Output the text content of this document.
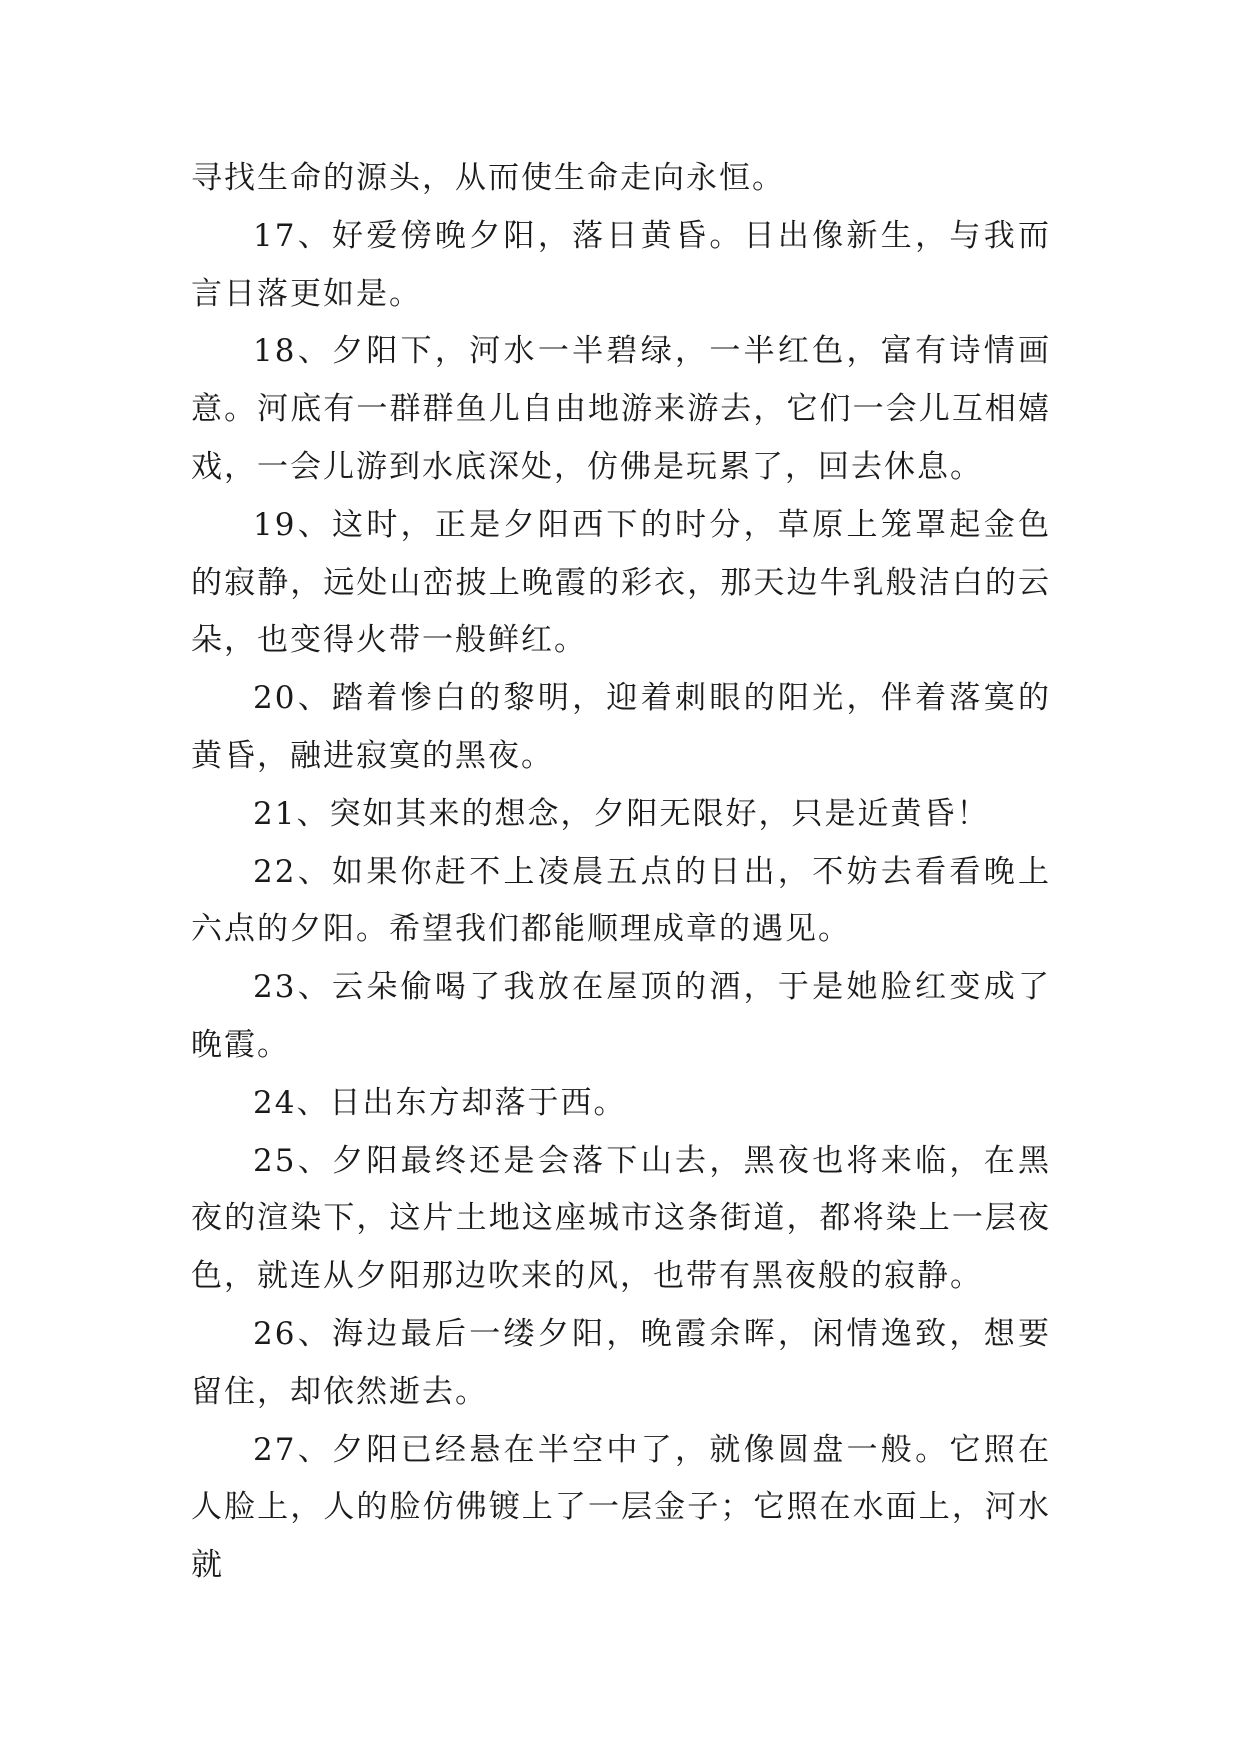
寻找生命的源头，从而使生命走向永恒。

17、好爱傍晚夕阳，落日黄昏。日出像新生，与我而言日落更如是。

18、夕阳下，河水一半碧绿，一半红色，富有诗情画意。河底有一群群鱼儿自由地游来游去，它们一会儿互相嬉戏，一会儿游到水底深处，仿佛是玩累了，回去休息。

19、这时，正是夕阳西下的时分，草原上笼罩起金色的寂静，远处山峦披上晚霞的彩衣，那天边牛乳般洁白的云朵，也变得火带一般鲜红。

20、踏着惨白的黎明，迎着刺眼的阳光，伴着落寞的黄昏，融进寂寞的黑夜。

21、突如其来的想念，夕阳无限好，只是近黄昏！

22、如果你赶不上凌晨五点的日出，不妨去看看晚上六点的夕阳。希望我们都能顺理成章的遇见。

23、云朵偷喝了我放在屋顶的酒，于是她脸红变成了晚霞。

24、日出东方却落于西。

25、夕阳最终还是会落下山去，黑夜也将来临，在黑夜的渲染下，这片土地这座城市这条街道，都将染上一层夜色，就连从夕阳那边吹来的风，也带有黑夜般的寂静。

26、海边最后一缕夕阳，晚霞余晖，闲情逸致，想要留住，却依然逝去。

27、夕阳已经悬在半空中了，就像圆盘一般。它照在人脸上，人的脸仿佛镀上了一层金子；它照在水面上，河水就
